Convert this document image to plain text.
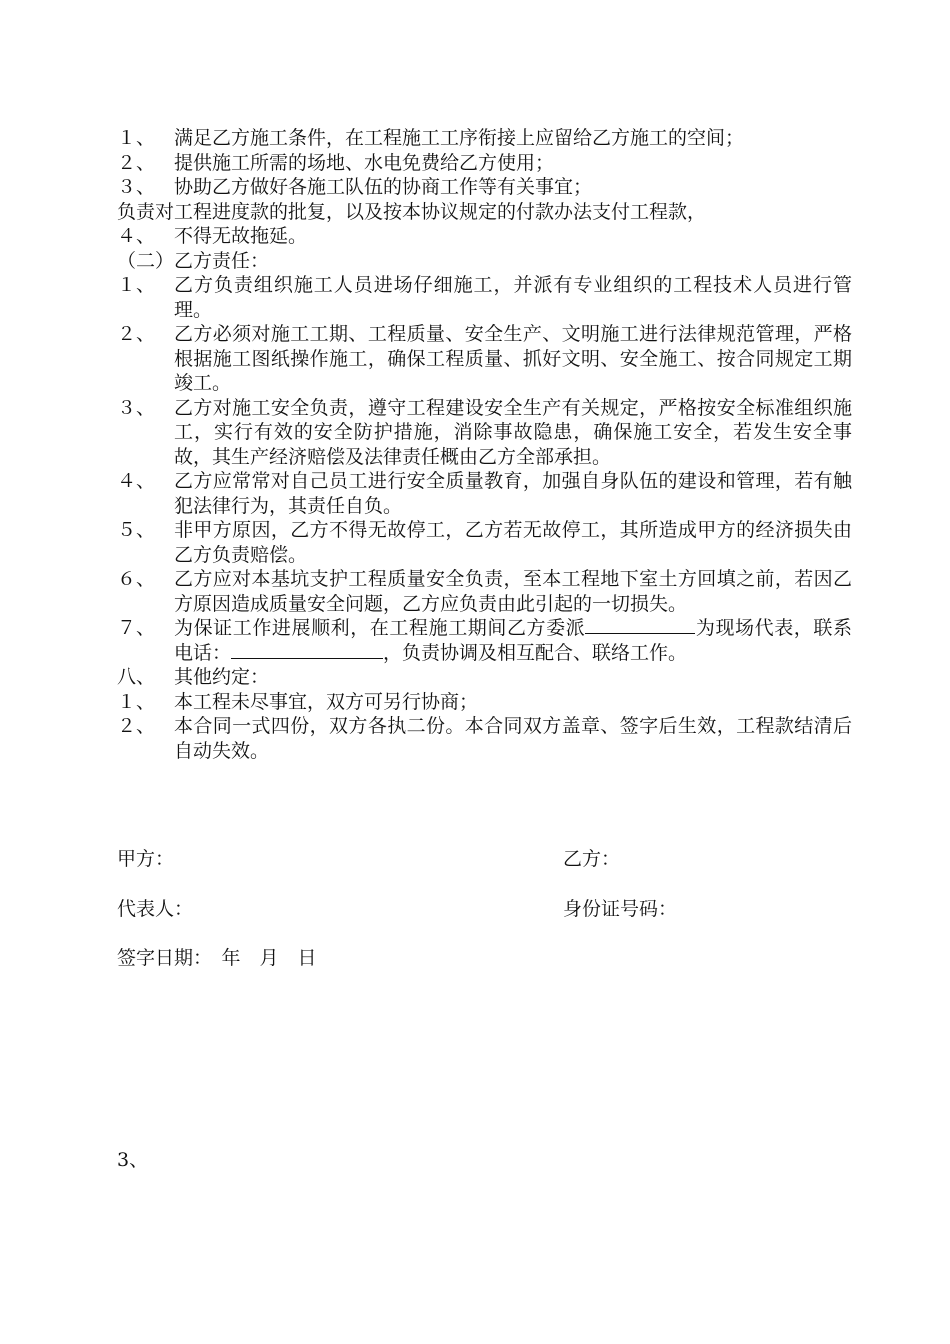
１、 满足乙方施工条件，在工程施工工序衔接上应留给乙方施工的空间；
２、 提供施工所需的场地、水电免费给乙方使用；
３、 协助乙方做好各施工队伍的协商工作等有关事宜；
负责对工程进度款的批复，以及按本协议规定的付款办法支付工程款，
４、 不得无故拖延。
（二）乙方责任：
１、 乙方负责组织施工人员进场仔细施工，并派有专业组织的工程技术人员进行管理。
２、 乙方必须对施工工期、工程质量、安全生产、文明施工进行法律规范管理，严格根据施工图纸操作施工，确保工程质量、抓好文明、安全施工、按合同规定工期竣工。
３、 乙方对施工安全负责，遵守工程建设安全生产有关规定，严格按安全标准组织施工，实行有效的安全防护措施，消除事故隐患，确保施工安全，若发生安全事故，其生产经济赔偿及法律责任概由乙方全部承担。
４、 乙方应常常对自己员工进行安全质量教育，加强自身队伍的建设和管理，若有触犯法律行为，其责任自负。
５、 非甲方原因，乙方不得无故停工，乙方若无故停工，其所造成甲方的经济损失由乙方负责赔偿。
６、 乙方应对本基坑支护工程质量安全负责，至本工程地下室土方回填之前，若因乙方原因造成质量安全问题，乙方应负责由此引起的一切损失。
７、 为保证工作进展顺利，在工程施工期间乙方委派	为现场代表，联系电话：	，负责协调及相互配合、联络工作。
八、 其他约定：
１、 本工程未尽事宜，双方可另行协商；
２、 本合同一式四份，双方各执二份。本合同双方盖章、签字后生效，工程款结清后自动失效。
甲方：	乙方：
代表人：	身份证号码：
签字日期：　年　月　日
3、
